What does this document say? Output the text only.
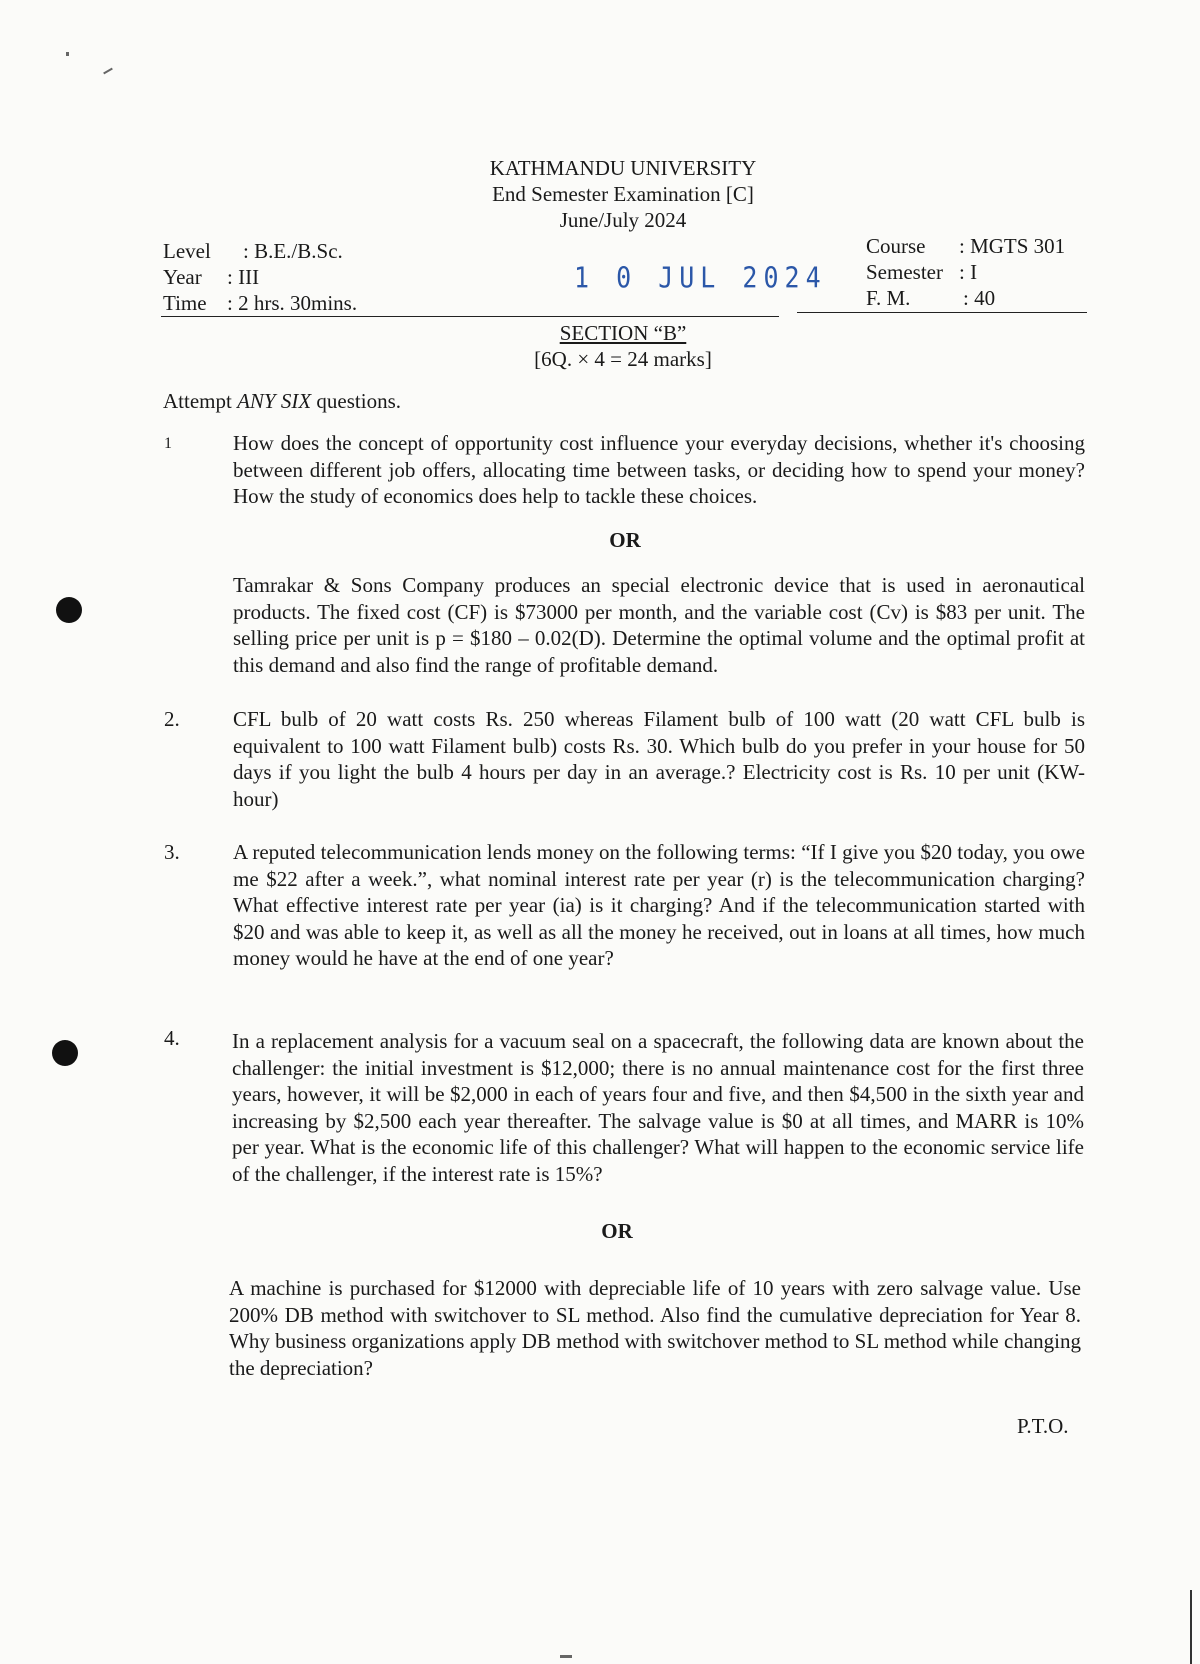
KATHMANDU UNIVERSITY
End Semester Examination [C]
June/July 2024
Level : B.E./B.Sc.
Year : III
Time : 2 hrs. 30mins.
1 0 JUL 2024
Course : MGTS 301
Semester : I
F. M.	: 40
SECTION “B”
[6Q. × 4 = 24 marks]
Attempt ANY SIX questions.
1	How does the concept of opportunity cost influence your everyday decisions, whether it's choosing between different job offers, allocating time between tasks, or deciding how to spend your money? How the study of economics does help to tackle these choices.
OR
Tamrakar & Sons Company produces an special electronic device that is used in aeronautical products. The fixed cost (CF) is $73000 per month, and the variable cost (Cv) is $83 per unit. The selling price per unit is p = $180 – 0.02(D). Determine the optimal volume and the optimal profit at this demand and also find the range of profitable demand.
2.	CFL bulb of 20 watt costs Rs. 250 whereas Filament bulb of 100 watt (20 watt CFL bulb is equivalent to 100 watt Filament bulb) costs Rs. 30. Which bulb do you prefer in your house for 50 days if you light the bulb 4 hours per day in an average.? Electricity cost is Rs. 10 per unit (KW-hour)
3.	A reputed telecommunication lends money on the following terms: “If I give you $20 today, you owe me $22 after a week.”, what nominal interest rate per year (r) is the telecommunication charging? What effective interest rate per year (ia) is it charging? And if the telecommunication started with $20 and was able to keep it, as well as all the money he received, out in loans at all times, how much money would he have at the end of one year?
4. In a replacement analysis for a vacuum seal on a spacecraft, the following data are known about the challenger: the initial investment is $12,000; there is no annual maintenance cost for the first three years, however, it will be $2,000 in each of years four and five, and then $4,500 in the sixth year and increasing by $2,500 each year thereafter. The salvage value is $0 at all times, and MARR is 10% per year. What is the economic life of this challenger? What will happen to the economic service life of the challenger, if the interest rate is 15%?
OR
A machine is purchased for $12000 with depreciable life of 10 years with zero salvage value. Use 200% DB method with switchover to SL method. Also find the cumulative depreciation for Year 8. Why business organizations apply DB method with switchover method to SL method while changing the depreciation?
P.T.O.
